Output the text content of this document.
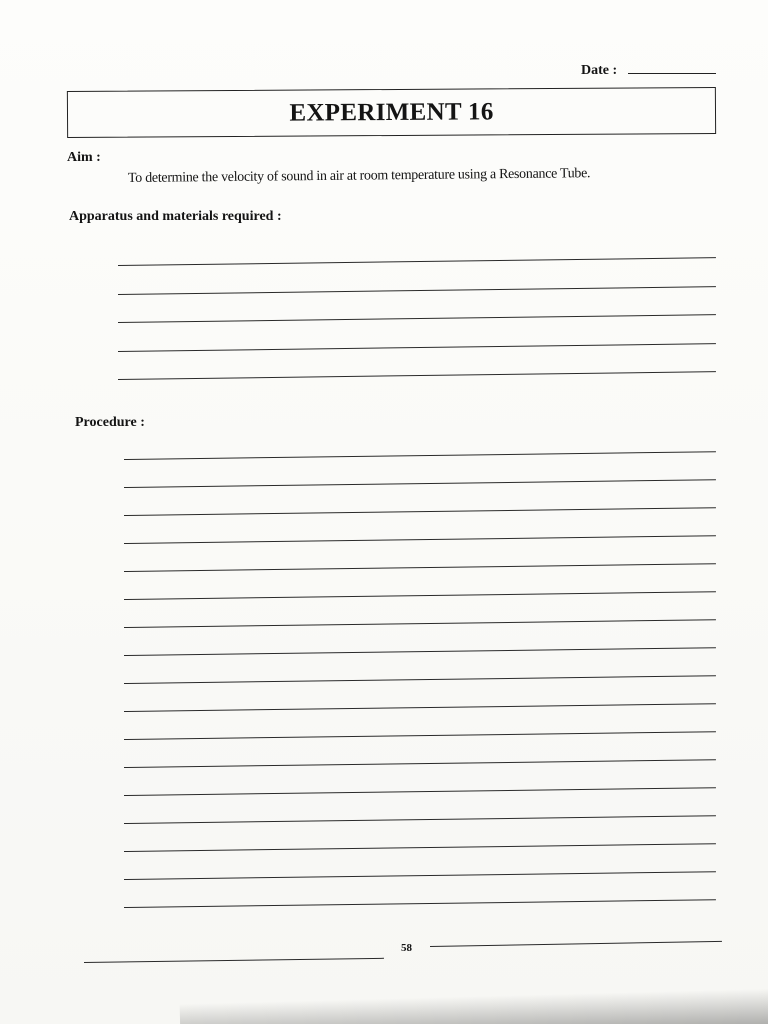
Date :
EXPERIMENT 16
Aim :
To determine the velocity of sound in air at room temperature using a Resonance Tube.
Apparatus and materials required :
Procedure :
58
